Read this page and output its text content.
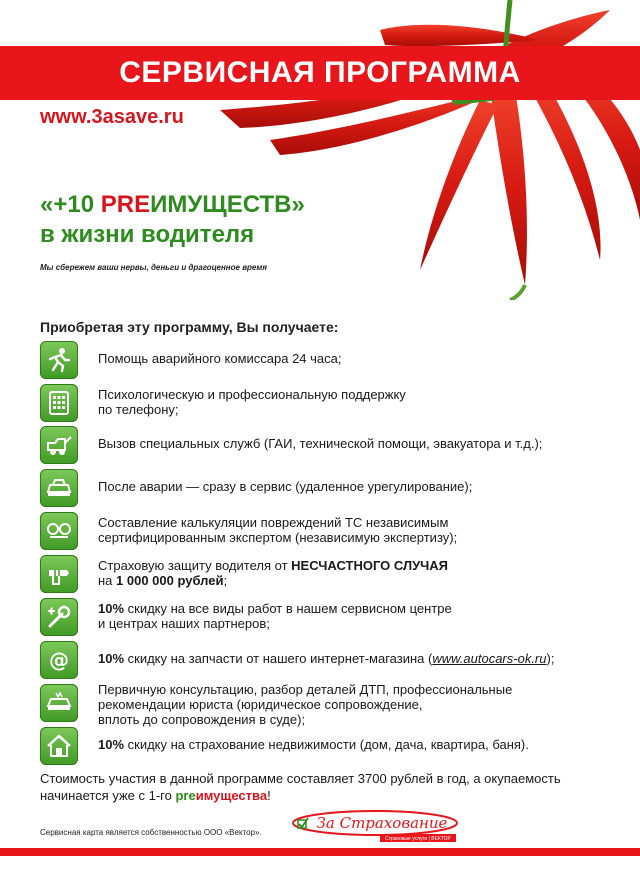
СЕРВИСНАЯ ПРОГРАММА
www.3asave.ru
«+10 PREИМУЩЕСТВ»
в жизни водителя
Мы сбережем ваши нервы, деньги и драгоценное время
Приобретая эту программу, Вы получаете:
Помощь аварийного комиссара 24 часа;
Психологическую и профессиональную поддержку
по телефону;
Вызов специальных служб (ГАИ, технической помощи, эвакуатора и т.д.);
После аварии — сразу в сервис (удаленное урегулирование);
Составление калькуляции повреждений ТС независимым
сертифицированным экспертом (независимую экспертизу);
Страховую защиту водителя от НЕСЧАСТНОГО СЛУЧАЯ
на 1 000 000 рублей;
10% скидку на все виды работ в нашем сервисном центре
и центрах наших партнеров;
@ 10% скидку на запчасти от нашего интернет-магазина (www.autocars-ok.ru);
Первичную консультацию, разбор деталей ДТП, профессиональные
рекомендации юриста (юридическое сопровождение,
вплоть до сопровождения в суде);
10% скидку на страхование недвижимости (дом, дача, квартира, баня).
Стоимость участия в данной программе составляет 3700 рублей в год, а окупаемость
начинается уже с 1-го preимущества!
Сервисная карта является собственностью ООО «Вектор».
За Страхование
Страховые услуги | ВЕКТОР
